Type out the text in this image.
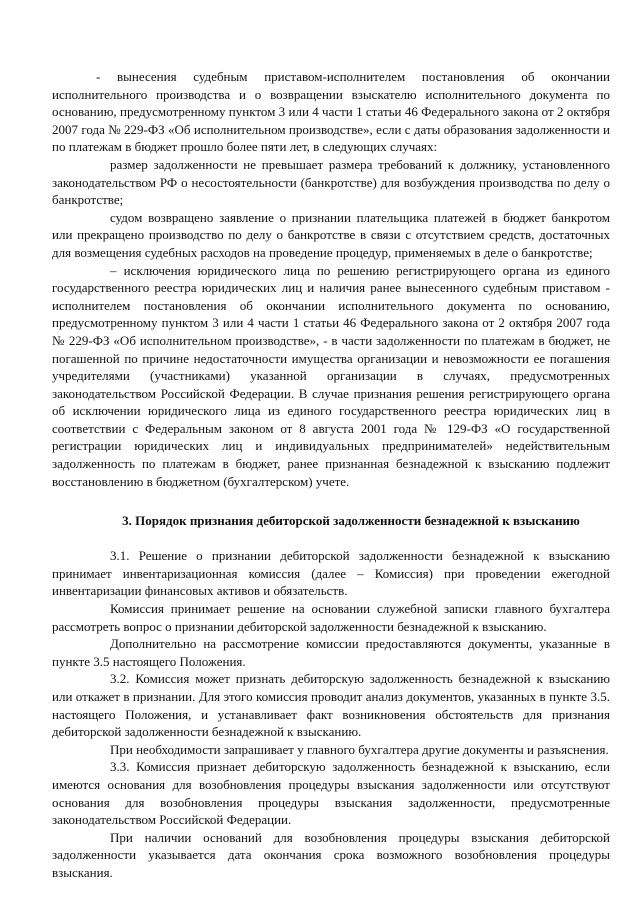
- вынесения судебным приставом-исполнителем постановления об окончании исполнительного производства и о возвращении взыскателю исполнительного документа по основанию, предусмотренному пунктом 3 или 4 части 1 статьи 46 Федерального закона от 2 октября 2007 года № 229-ФЗ «Об исполнительном производстве», если с даты образования задолженности и по платежам в бюджет прошло более пяти лет, в следующих случаях:

размер задолженности не превышает размера требований к должнику, установленного законодательством РФ о несостоятельности (банкротстве) для возбуждения производства по делу о банкротстве;

судом возвращено заявление о признании плательщика платежей в бюджет банкротом или прекращено производство по делу о банкротстве в связи с отсутствием средств, достаточных для возмещения судебных расходов на проведение процедур, применяемых в деле о банкротстве;

– исключения юридического лица по решению регистрирующего органа из единого государственного реестра юридических лиц и наличия ранее вынесенного судебным приставом - исполнителем постановления об окончании исполнительного документа по основанию, предусмотренному пунктом 3 или 4 части 1 статьи 46 Федерального закона от 2 октября 2007 года № 229-ФЗ «Об исполнительном производстве», - в части задолженности по платежам в бюджет, не погашенной по причине недостаточности имущества организации и невозможности ее погашения учредителями (участниками) указанной организации в случаях, предусмотренных законодательством Российской Федерации. В случае признания решения регистрирующего органа об исключении юридического лица из единого государственного реестра юридических лиц в соответствии с Федеральным законом от 8 августа 2001 года № 129-ФЗ «О государственной регистрации юридических лиц и индивидуальных предпринимателей» недействительным задолженность по платежам в бюджет, ранее признанная безнадежной к взысканию подлежит восстановлению в бюджетном (бухгалтерском) учете.

3. Порядок признания дебиторской задолженности безнадежной к взысканию

3.1. Решение о признании дебиторской задолженности безнадежной к взысканию принимает инвентаризационная комиссия (далее – Комиссия) при проведении ежегодной инвентаризации финансовых активов и обязательств.

Комиссия принимает решение на основании служебной записки главного бухгалтера рассмотреть вопрос о признании дебиторской задолженности безнадежной к взысканию.

Дополнительно на рассмотрение комиссии предоставляются документы, указанные в пункте 3.5 настоящего Положения.

3.2. Комиссия может признать дебиторскую задолженность безнадежной к взысканию или откажет в признании. Для этого комиссия проводит анализ документов, указанных в пункте 3.5. настоящего Положения, и устанавливает факт возникновения обстоятельств для признания дебиторской задолженности безнадежной к взысканию.

При необходимости запрашивает у главного бухгалтера другие документы и разъяснения.

3.3. Комиссия признает дебиторскую задолженность безнадежной к взысканию, если имеются основания для возобновления процедуры взыскания задолженности или отсутствуют основания для возобновления процедуры взыскания задолженности, предусмотренные законодательством Российской Федерации.

При наличии оснований для возобновления процедуры взыскания дебиторской задолженности указывается дата окончания срока возможного возобновления процедуры взыскания.
